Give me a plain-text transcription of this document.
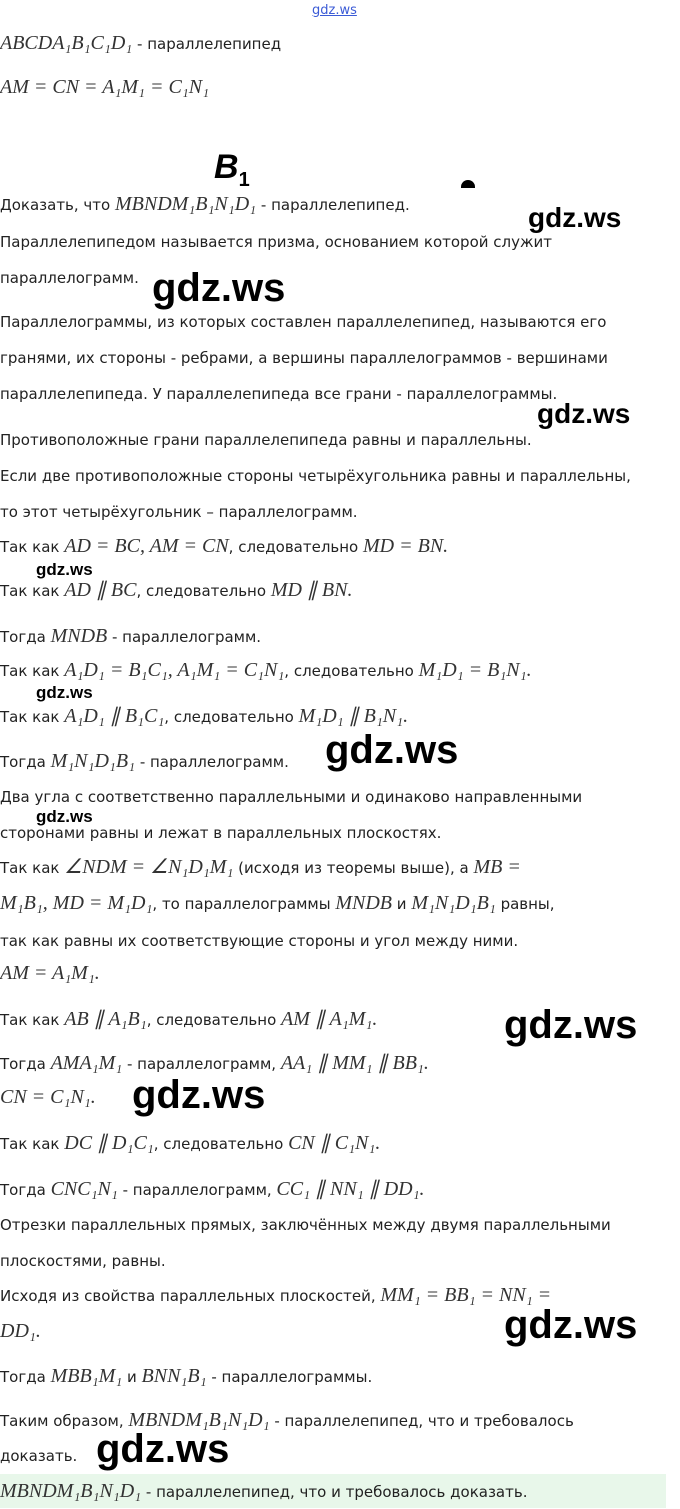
gdz.ws
$B_1$

ABCDA₁B₁C₁D₁ - параллелепипед

AM = CN = A₁M₁ = C₁N₁

Доказать, что MBNDM₁B₁N₁D₁ - параллелепипед.

Параллелепипедом называется призма, основанием которой служит

параллелограмм.

Параллелограммы, из которых составлен параллелепипед, называются его

гранями, их стороны - ребрами, а вершины параллелограммов - вершинами

параллелепипеда. У параллелепипеда все грани - параллелограммы.

Противоположные грани параллелепипеда равны и параллельны.

Если две противоположные стороны четырёхугольника равны и параллельны,

то этот четырёхугольник – параллелограмм.

Так как AD = BC, AM = CN, следовательно MD = BN.

Так как AD ∥ BC, следовательно MD ∥ BN.

Тогда MNDB - параллелограмм.

Так как A₁D₁ = B₁C₁, A₁M₁ = C₁N₁, следовательно M₁D₁ = B₁N₁.

Так как A₁D₁ ∥ B₁C₁, следовательно M₁D₁ ∥ B₁N₁.

Тогда M₁N₁D₁B₁ - параллелограмм.

Два угла с соответственно параллельными и одинаково направленными

сторонами равны и лежат в параллельных плоскостях.

Так как ∠NDM = ∠N₁D₁M₁ (исходя из теоремы выше), а MB =

M₁B₁, MD = M₁D₁, то параллелограммы MNDB и M₁N₁D₁B₁ равны,

так как равны их соответствующие стороны и угол между ними.

AM = A₁M₁.

Так как AB ∥ A₁B₁, следовательно AM ∥ A₁M₁.

Тогда AMA₁M₁ - параллелограмм, AA₁ ∥ MM₁ ∥ BB₁.

CN = C₁N₁.

Так как DC ∥ D₁C₁, следовательно CN ∥ C₁N₁.

Тогда CNC₁N₁ - параллелограмм, CC₁ ∥ NN₁ ∥ DD₁.

Отрезки параллельных прямых, заключённых между двумя параллельными

плоскостями, равны.

Исходя из свойства параллельных плоскостей, MM₁ = BB₁ = NN₁ =

DD₁.

Тогда MBB₁M₁ и BNN₁B₁ - параллелограммы.

Таким образом, MBNDM₁B₁N₁D₁ - параллелепипед, что и требовалось

доказать.

MBNDM₁B₁N₁D₁ - параллелепипед, что и требовалось доказать.

gdz.ws
gdz.ws
gdz.ws
gdz.ws
gdz.ws
gdz.ws
gdz.ws
gdz.ws
gdz.ws
gdz.ws
gdz.ws
